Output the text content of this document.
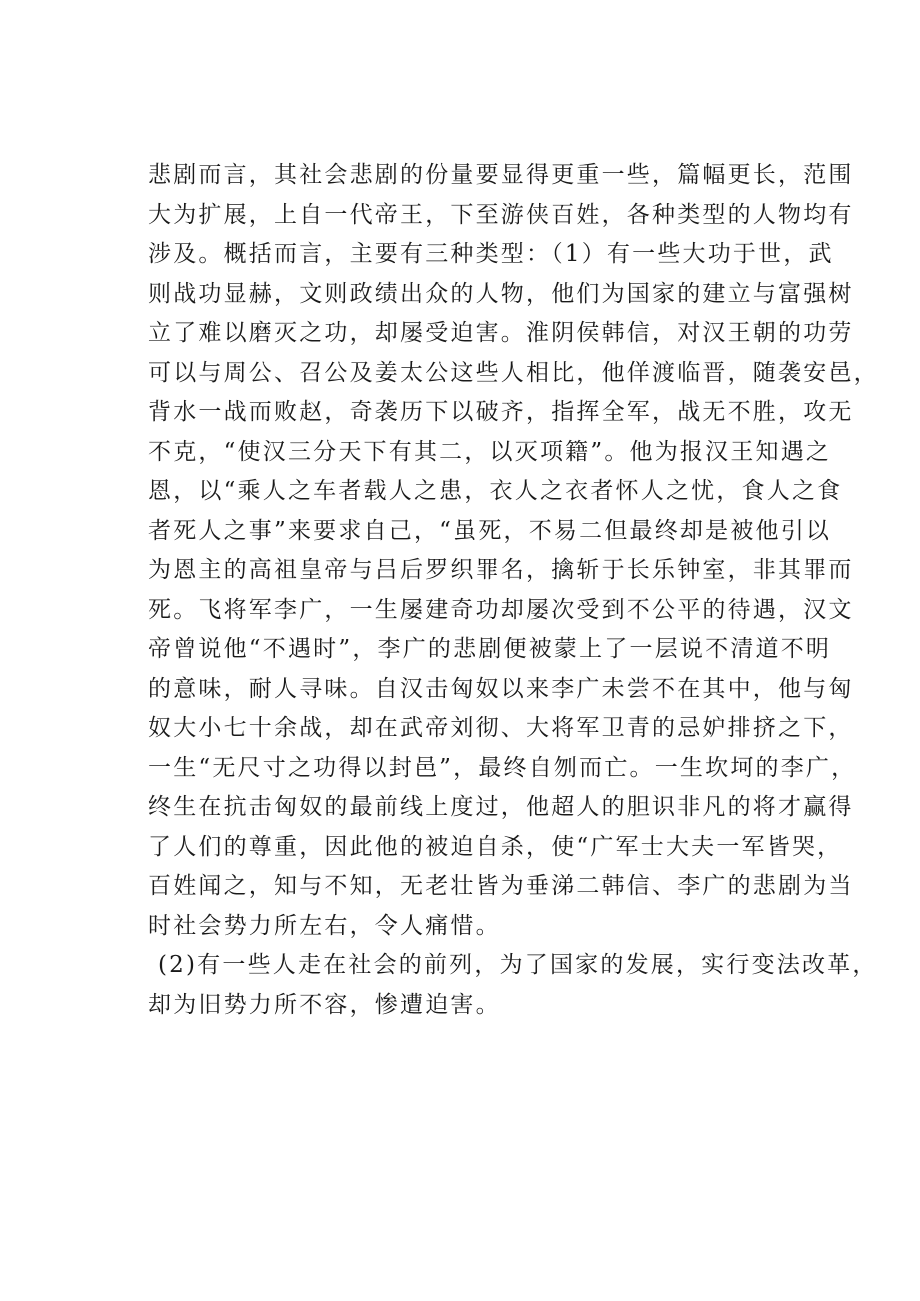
悲剧而言，其社会悲剧的份量要显得更重一些，篇幅更长，范围
大为扩展，上自一代帝王，下至游侠百姓，各种类型的人物均有
涉及。概括而言，主要有三种类型：（1）有一些大功于世，武
则战功显赫，文则政绩出众的人物，他们为国家的建立与富强树
立了难以磨灭之功，却屡受迫害。淮阴侯韩信，对汉王朝的功劳
可以与周公、召公及姜太公这些人相比，他佯渡临晋，随袭安邑，
背水一战而败赵，奇袭历下以破齐，指挥全军，战无不胜，攻无
不克，“使汉三分天下有其二，以灭项籍”。他为报汉王知遇之
恩，以“乘人之车者载人之患，衣人之衣者怀人之忧，食人之食
者死人之事”来要求自己，“虽死，不易二但最终却是被他引以
为恩主的高祖皇帝与吕后罗织罪名，擒斩于长乐钟室，非其罪而
死。飞将军李广，一生屡建奇功却屡次受到不公平的待遇，汉文
帝曾说他“不遇时”，李广的悲剧便被蒙上了一层说不清道不明
的意味，耐人寻味。自汉击匈奴以来李广未尝不在其中，他与匈
奴大小七十余战，却在武帝刘彻、大将军卫青的忌妒排挤之下，
一生“无尺寸之功得以封邑”，最终自刎而亡。一生坎坷的李广，
终生在抗击匈奴的最前线上度过，他超人的胆识非凡的将才赢得
了人们的尊重，因此他的被迫自杀，使“广军士大夫一军皆哭，
百姓闻之，知与不知，无老壮皆为垂涕二韩信、李广的悲剧为当
时社会势力所左右，令人痛惜。
(2)有一些人走在社会的前列，为了国家的发展，实行变法改革，
却为旧势力所不容，惨遭迫害。
